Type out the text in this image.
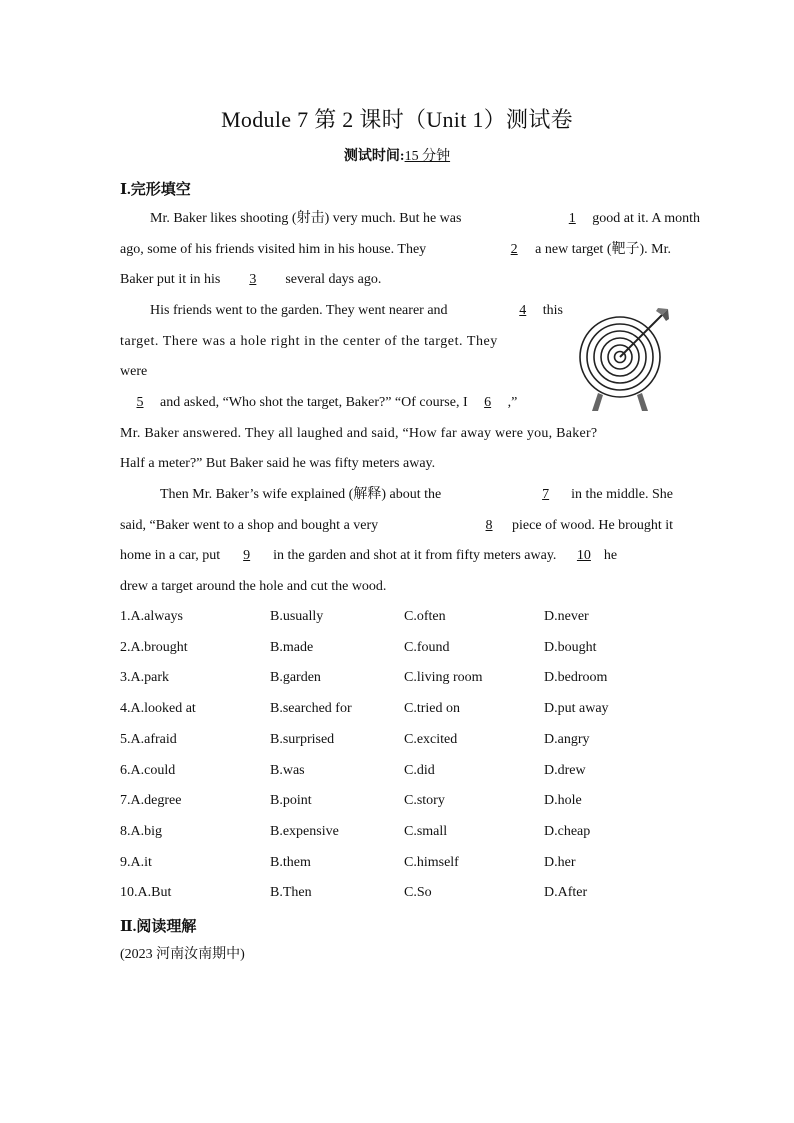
Module 7 第 2 课时（Unit 1）测试卷
测试时间:15 分钟
Ⅰ.完形填空
Mr. Baker likes shooting (射击) very much. But he was	1 good at it. A month
ago, some of his friends visited him in his house. They	2 a new target (靶子). Mr.
Baker put it in his 3 several days ago.
His friends went to the garden. They went nearer and	4 this
target. There was a hole right in the center of the target. They
were
5 and asked, “Who shot the target, Baker?” “Of course, I 6 ,”
Mr. Baker answered. They all laughed and said, “How far away were you, Baker?
Half a meter?” But Baker said he was fifty meters away.
Then Mr. Baker’s wife explained (解释) about the	7 in the middle. She
said, “Baker went to a shop and bought a very	8 piece of wood. He brought it
home in a car, put 9 in the garden and shot at it from fifty meters away. 10 he
drew a target around the hole and cut the wood.
1.A.always	B.usually	C.often	D.never
2.A.brought	B.made	C.found	D.bought
3.A.park	B.garden	C.living room	D.bedroom
4.A.looked at	B.searched for	C.tried on	D.put away
5.A.afraid	B.surprised	C.excited	D.angry
6.A.could	B.was	C.did	D.drew
7.A.degree	B.point	C.story	D.hole
8.A.big	B.expensive	C.small	D.cheap
9.A.it	B.them	C.himself	D.her
10.A.But	B.Then	C.So	D.After
Ⅱ.阅读理解
(2023 河南汝南期中)
